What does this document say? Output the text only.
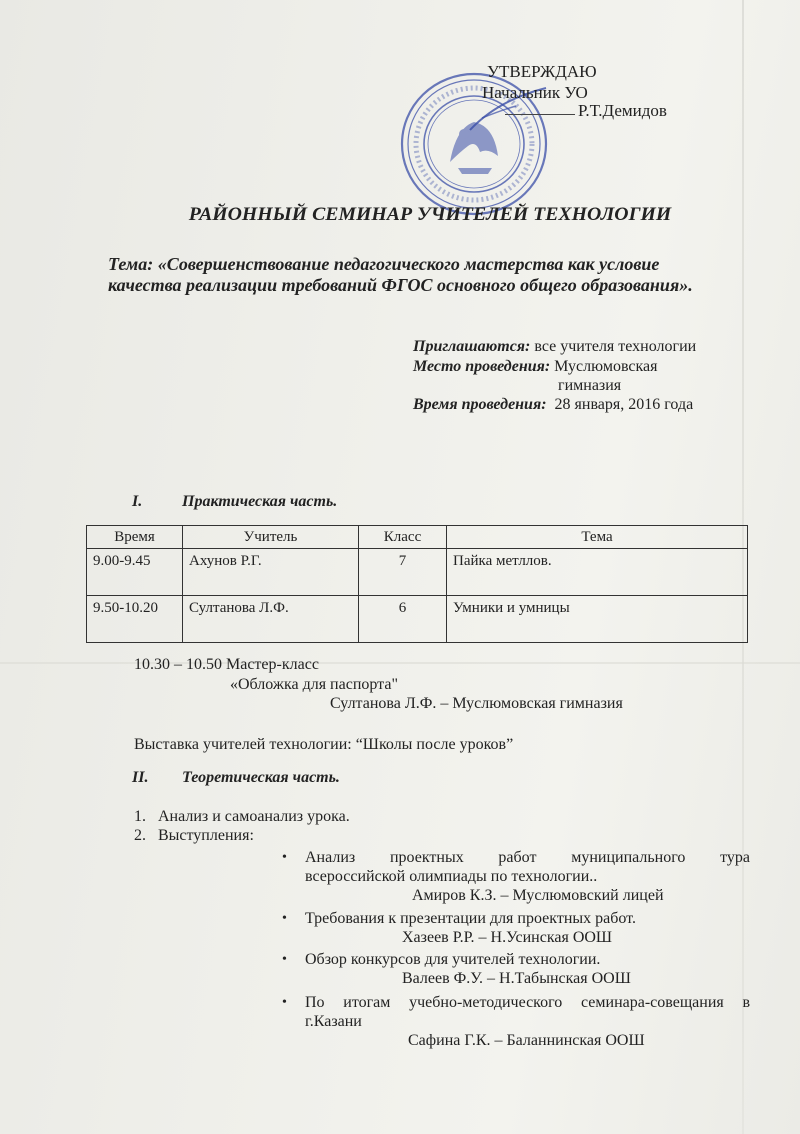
УТВЕРЖДАЮ
Начальник УО
Р.Т.Демидов
РАЙОННЫЙ СЕМИНАР УЧИТЕЛЕЙ ТЕХНОЛОГИИ
Тема: «Совершенствование педагогического мастерства как условие
качества реализации требований ФГОС основного общего образования».
Приглашаются: все учителя технологии
Место проведения: Муслюмовская
гимназия
Время проведения:  28 января, 2016 года
I. Практическая часть.
Время	Учитель	Класс	Тема
9.00-9.45	Ахунов Р.Г.	7	Пайка метллов.
9.50-10.20	Султанова Л.Ф.	6	Умники и умницы
10.30 – 10.50 Мастер-класс
«Обложка для паспорта"
Султанова Л.Ф. – Муслюмовская гимназия
Выставка учителей технологии: “Школы после уроков”
II. Теоретическая часть.
1.   Анализ и самоанализ урока.
2.   Выступления:
• Анализ проектных работ муниципального тура
всероссийской олимпиады по технологии..
Амиров К.З. – Муслюмовский лицей
• Требования к презентации для проектных работ.
Хазеев Р.Р. – Н.Усинская ООШ
• Обзор конкурсов для учителей технологии.
Валеев Ф.У. – Н.Табынская ООШ
• По итогам учебно-методического семинара-совещания в
г.Казани
Сафина Г.К. – Баланнинская ООШ
